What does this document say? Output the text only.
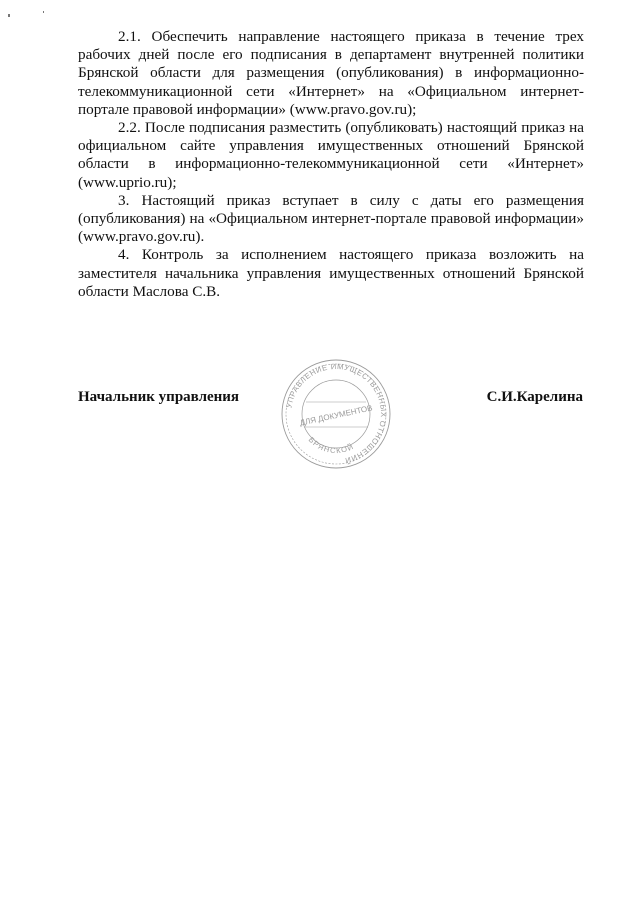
2.1. Обеспечить направление настоящего приказа в течение трех рабочих дней после его подписания в департамент внутренней политики Брянской области для размещения (опубликования) в информационно-телекоммуникационной сети «Интернет» на «Официальном интернет-портале правовой информации» (www.pravo.gov.ru);

2.2. После подписания разместить (опубликовать) настоящий приказ на официальном сайте управления имущественных отношений Брянской области в информационно-телекоммуникационной сети «Интернет» (www.uprio.ru);

3. Настоящий приказ вступает в силу с даты его размещения (опубликования) на «Официальном интернет-портале правовой информации» (www.pravo.gov.ru).

4. Контроль за исполнением настоящего приказа возложить на заместителя начальника управления имущественных отношений Брянской области Маслова С.В.

Начальник управления	С.И.Карелина
УПРАВЛЕНИЕ ИМУЩЕСТВЕННЫХ ОТНОШЕНИЙ
ДЛЯ ДОКУМЕНТОВ
БРЯНСКОЙ
